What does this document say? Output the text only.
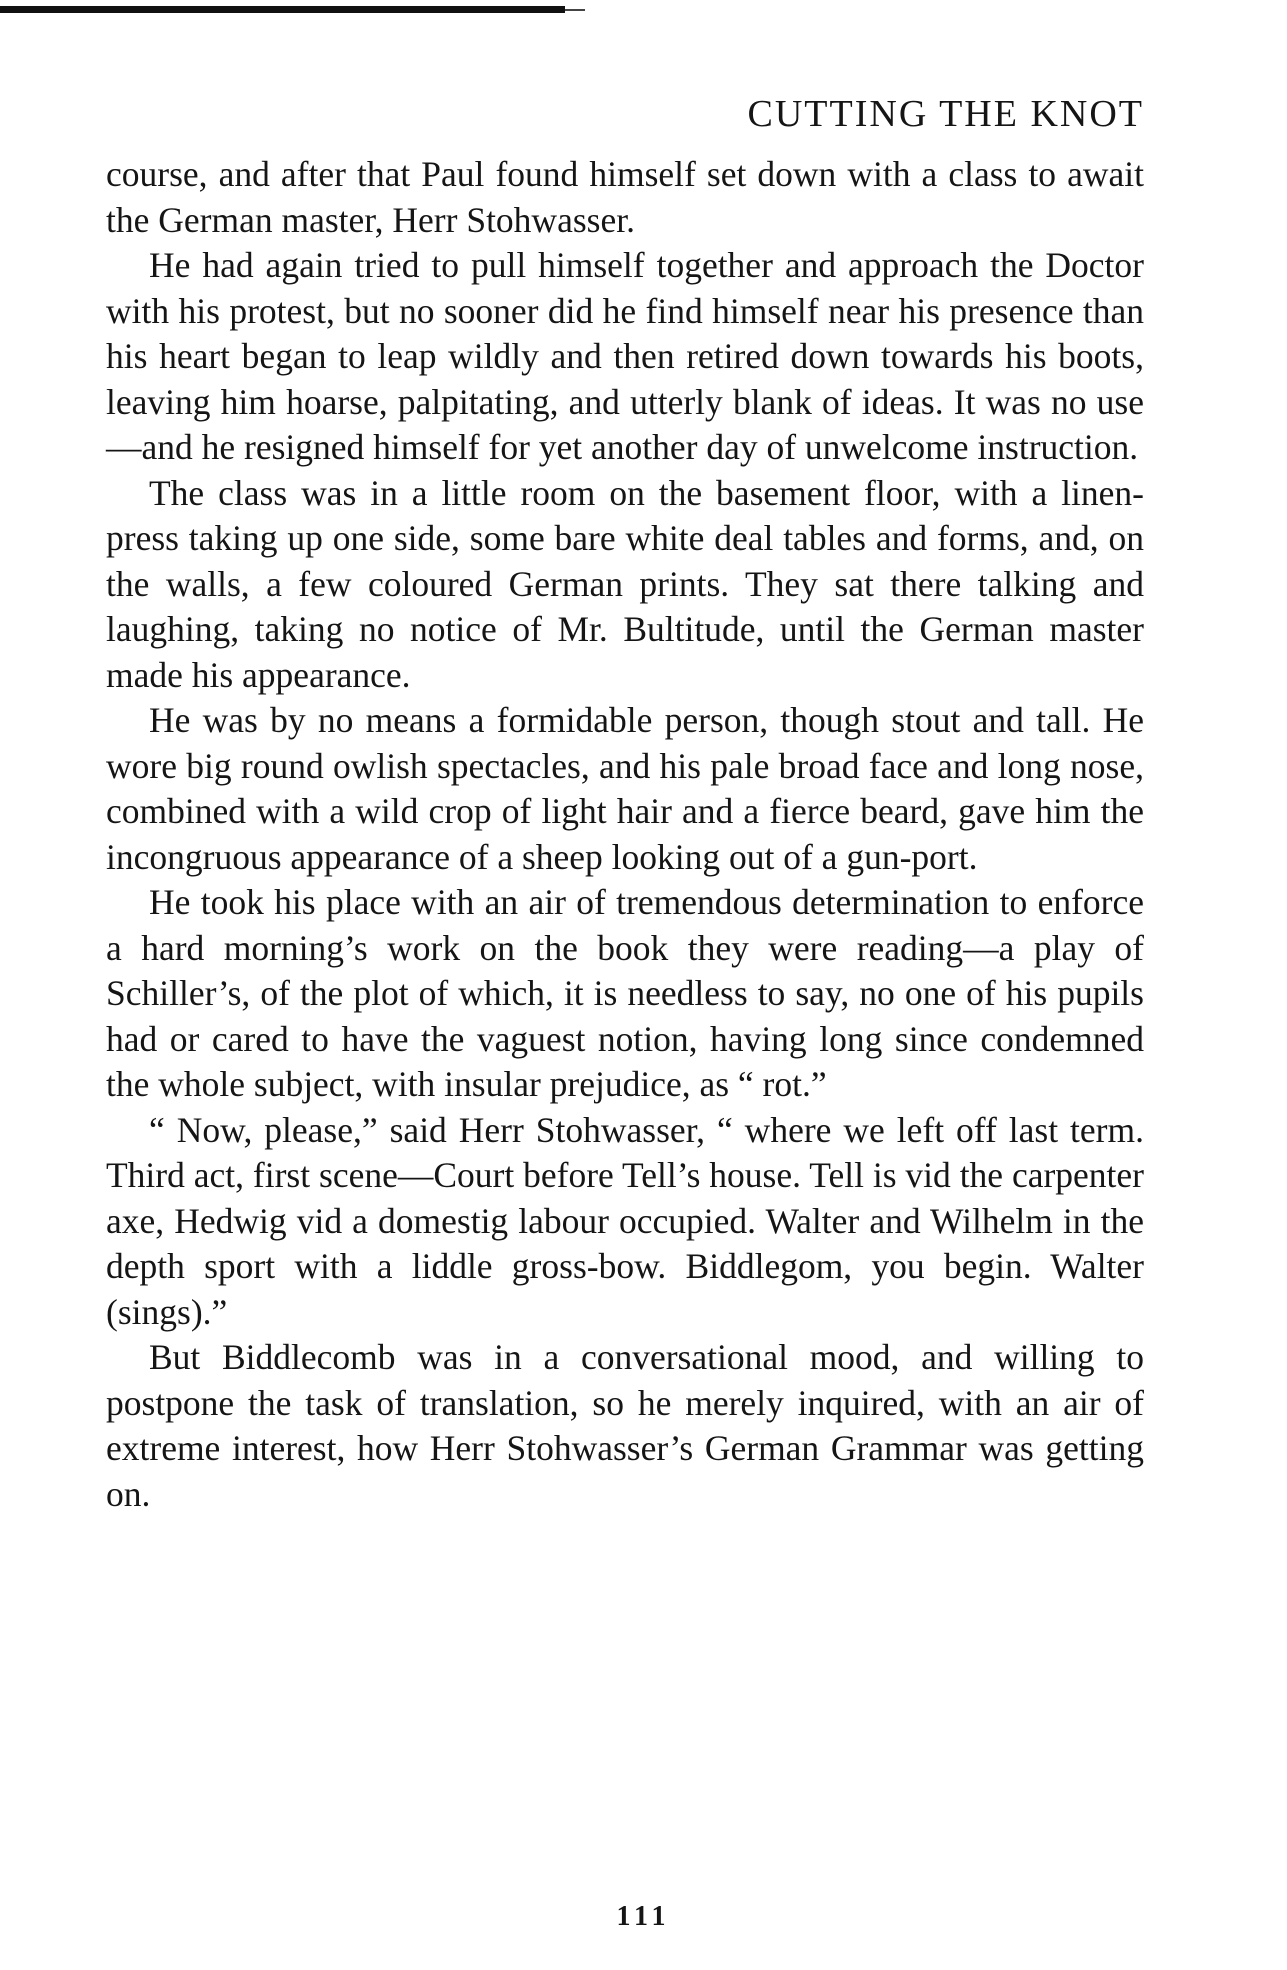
CUTTING THE KNOT

course, and after that Paul found himself set down with a class to await the German master, Herr Stohwasser.

He had again tried to pull himself together and approach the Doctor with his protest, but no sooner did he find himself near his presence than his heart began to leap wildly and then retired down towards his boots, leaving him hoarse, palpitating, and utterly blank of ideas. It was no use—and he resigned himself for yet another day of unwelcome instruction.

The class was in a little room on the basement floor, with a linen-press taking up one side, some bare white deal tables and forms, and, on the walls, a few coloured German prints. They sat there talking and laughing, taking no notice of Mr. Bultitude, until the German master made his appearance.

He was by no means a formidable person, though stout and tall. He wore big round owlish spectacles, and his pale broad face and long nose, combined with a wild crop of light hair and a fierce beard, gave him the incongruous appearance of a sheep looking out of a gun-port.

He took his place with an air of tremendous determination to enforce a hard morning’s work on the book they were reading—a play of Schiller’s, of the plot of which, it is needless to say, no one of his pupils had or cared to have the vaguest notion, having long since condemned the whole subject, with insular prejudice, as “ rot.”

“ Now, please,” said Herr Stohwasser, “ where we left off last term. Third act, first scene—Court before Tell’s house. Tell is vid the carpenter axe, Hedwig vid a domestig labour occupied. Walter and Wilhelm in the depth sport with a liddle gross-bow. Biddlegom, you begin. Walter (sings).”

But Biddlecomb was in a conversational mood, and willing to postpone the task of translation, so he merely inquired, with an air of extreme interest, how Herr Stohwasser’s German Grammar was getting on.

111
